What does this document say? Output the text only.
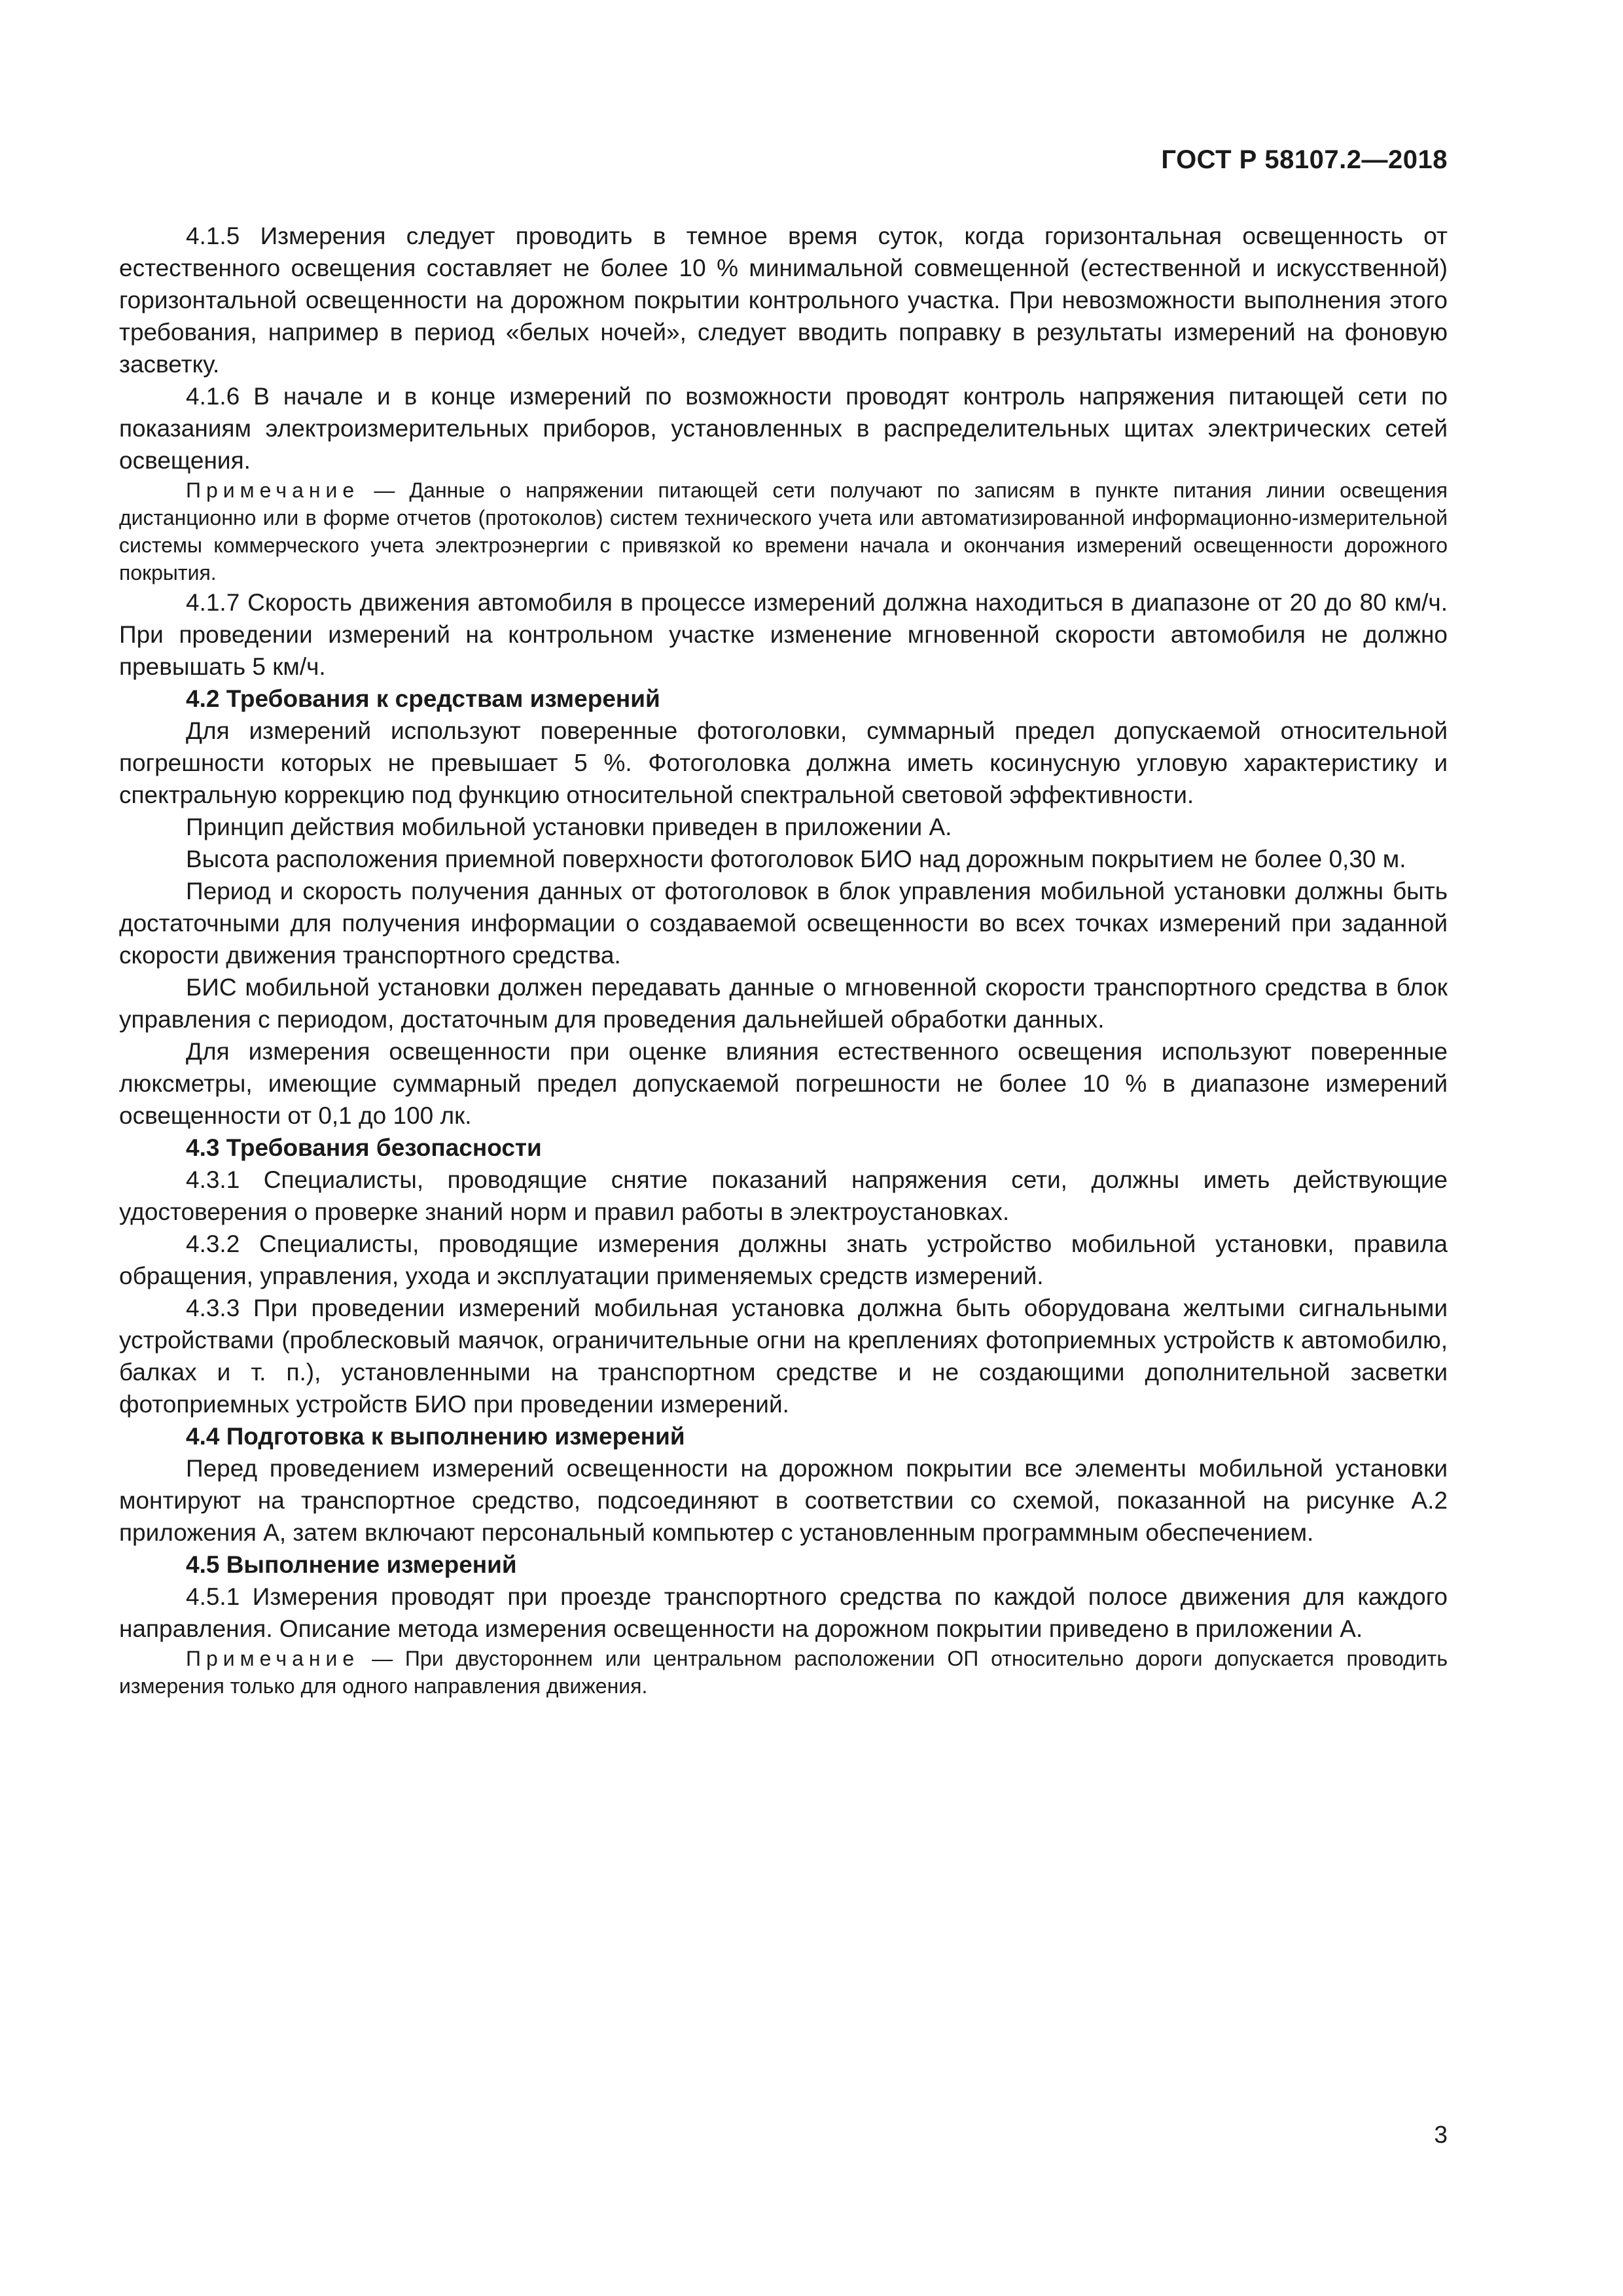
ГОСТ Р 58107.2—2018

4.1.5 Измерения следует проводить в темное время суток, когда горизонтальная освещенность от естественного освещения составляет не более 10 % минимальной совмещенной (естественной и искусственной) горизонтальной освещенности на дорожном покрытии контрольного участка. При невозможности выполнения этого требования, например в период «белых ночей», следует вводить поправку в результаты измерений на фоновую засветку.

4.1.6 В начале и в конце измерений по возможности проводят контроль напряжения питающей сети по показаниям электроизмерительных приборов, установленных в распределительных щитах электрических сетей освещения.

Примечание — Данные о напряжении питающей сети получают по записям в пункте питания линии освещения дистанционно или в форме отчетов (протоколов) систем технического учета или автоматизированной информационно-измерительной системы коммерческого учета электроэнергии с привязкой ко времени начала и окончания измерений освещенности дорожного покрытия.

4.1.7 Скорость движения автомобиля в процессе измерений должна находиться в диапазоне от 20 до 80 км/ч. При проведении измерений на контрольном участке изменение мгновенной скорости автомобиля не должно превышать 5 км/ч.

4.2 Требования к средствам измерений

Для измерений используют поверенные фотоголовки, суммарный предел допускаемой относительной погрешности которых не превышает 5 %. Фотоголовка должна иметь косинусную угловую характеристику и спектральную коррекцию под функцию относительной спектральной световой эффективности.

Принцип действия мобильной установки приведен в приложении А.

Высота расположения приемной поверхности фотоголовок БИО над дорожным покрытием не более 0,30 м.

Период и скорость получения данных от фотоголовок в блок управления мобильной установки должны быть достаточными для получения информации о создаваемой освещенности во всех точках измерений при заданной скорости движения транспортного средства.

БИС мобильной установки должен передавать данные о мгновенной скорости транспортного средства в блок управления с периодом, достаточным для проведения дальнейшей обработки данных.

Для измерения освещенности при оценке влияния естественного освещения используют поверенные люксметры, имеющие суммарный предел допускаемой погрешности не более 10 % в диапазоне измерений освещенности от 0,1 до 100 лк.

4.3 Требования безопасности

4.3.1 Специалисты, проводящие снятие показаний напряжения сети, должны иметь действующие удостоверения о проверке знаний норм и правил работы в электроустановках.

4.3.2 Специалисты, проводящие измерения должны знать устройство мобильной установки, правила обращения, управления, ухода и эксплуатации применяемых средств измерений.

4.3.3 При проведении измерений мобильная установка должна быть оборудована желтыми сигнальными устройствами (проблесковый маячок, ограничительные огни на креплениях фотоприемных устройств к автомобилю, балках и т. п.), установленными на транспортном средстве и не создающими дополнительной засветки фотоприемных устройств БИО при проведении измерений.

4.4 Подготовка к выполнению измерений

Перед проведением измерений освещенности на дорожном покрытии все элементы мобильной установки монтируют на транспортное средство, подсоединяют в соответствии со схемой, показанной на рисунке А.2 приложения А, затем включают персональный компьютер с установленным программным обеспечением.

4.5 Выполнение измерений

4.5.1 Измерения проводят при проезде транспортного средства по каждой полосе движения для каждого направления. Описание метода измерения освещенности на дорожном покрытии приведено в приложении А.

Примечание — При двустороннем или центральном расположении ОП относительно дороги допускается проводить измерения только для одного направления движения.

3
